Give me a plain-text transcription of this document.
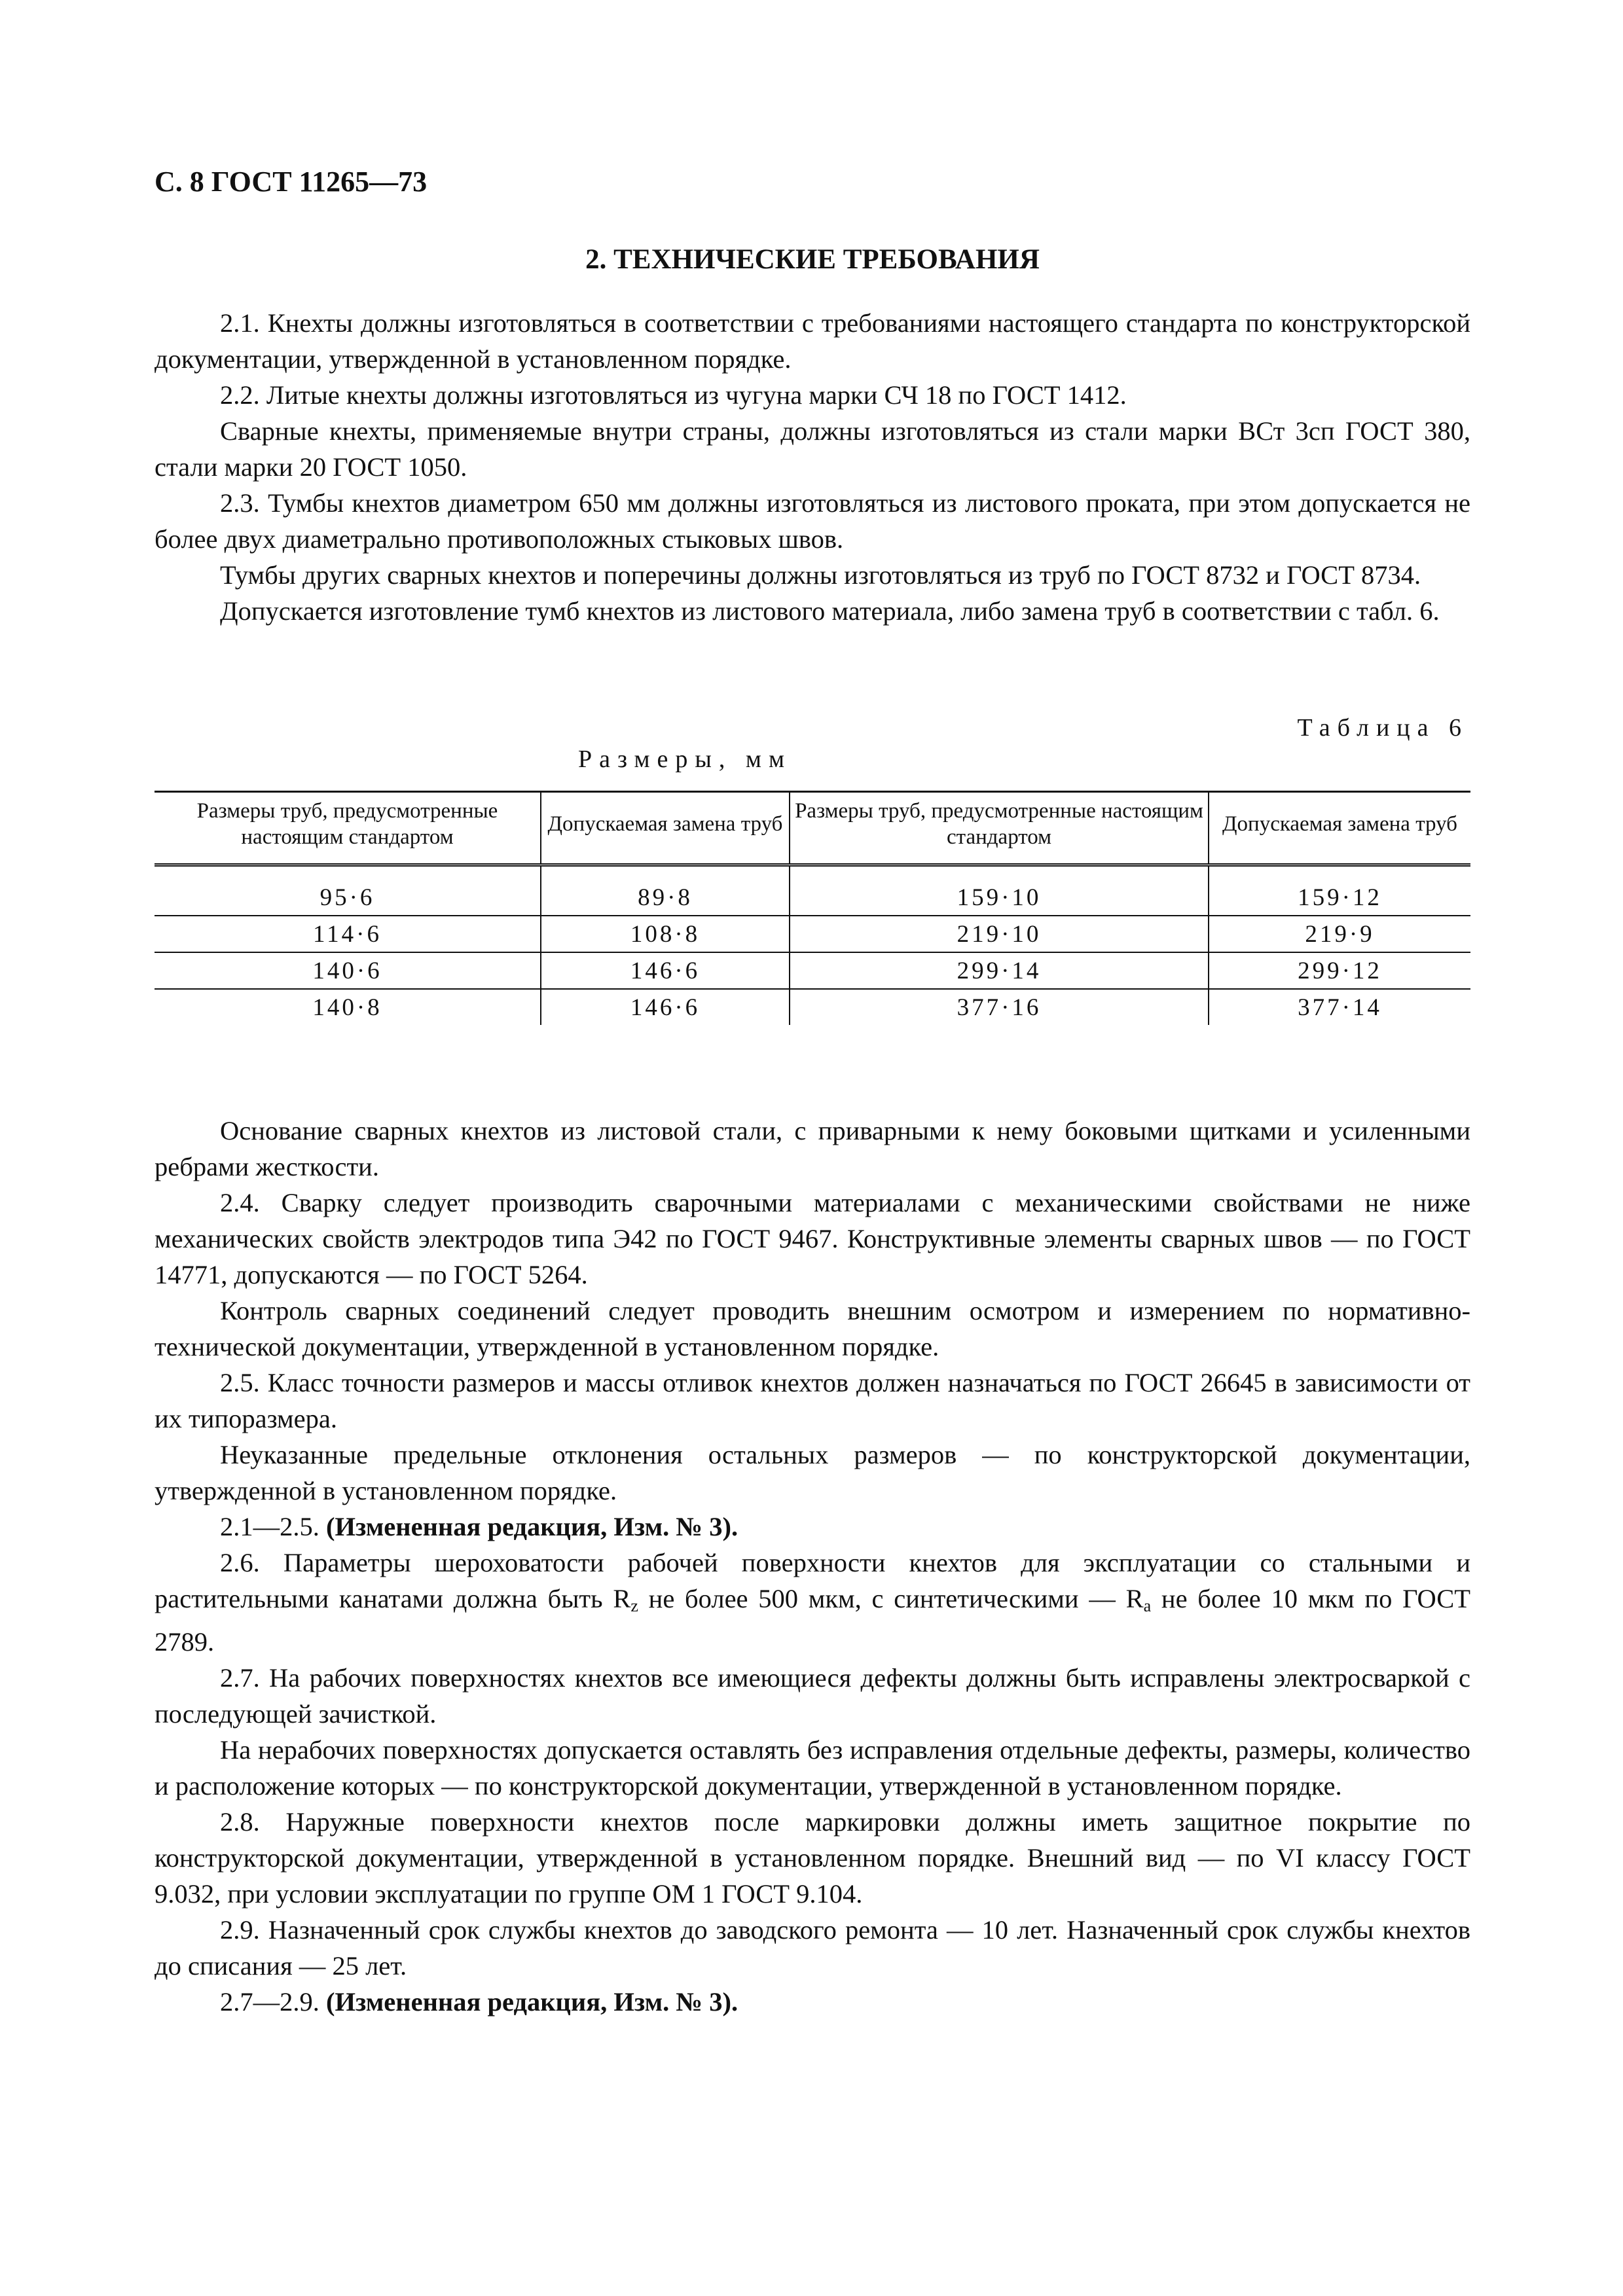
С. 8 ГОСТ 11265—73
2. ТЕХНИЧЕСКИЕ ТРЕБОВАНИЯ

2.1. Кнехты должны изготовляться в соответствии с требованиями настоящего стандарта по конструкторской документации, утвержденной в установленном порядке.

2.2. Литые кнехты должны изготовляться из чугуна марки СЧ 18 по ГОСТ 1412.

Сварные кнехты, применяемые внутри страны, должны изготовляться из стали марки ВСт 3сп ГОСТ 380, стали марки 20 ГОСТ 1050.

2.3. Тумбы кнехтов диаметром 650 мм должны изготовляться из листового проката, при этом допускается не более двух диаметрально противоположных стыковых швов.

Тумбы других сварных кнехтов и поперечины должны изготовляться из труб по ГОСТ 8732 и ГОСТ 8734.

Допускается изготовление тумб кнехтов из листового материала, либо замена труб в соответствии с табл. 6.

Таблица 6
Размеры, мм
Размеры труб, предусмотренные настоящим стандартом	Допускаемая замена труб	Размеры труб, предусмотренные настоящим стандартом	Допускаемая замена труб
95·6	89·8	159·10	159·12
114·6	108·8	219·10	219·9
140·6	146·6	299·14	299·12
140·8	146·6	377·16	377·14

Основание сварных кнехтов из листовой стали, с приварными к нему боковыми щитками и усиленными ребрами жесткости.

2.4. Сварку следует производить сварочными материалами с механическими свойствами не ниже механических свойств электродов типа Э42 по ГОСТ 9467. Конструктивные элементы сварных швов — по ГОСТ 14771, допускаются — по ГОСТ 5264.

Контроль сварных соединений следует проводить внешним осмотром и измерением по нормативно-технической документации, утвержденной в установленном порядке.

2.5. Класс точности размеров и массы отливок кнехтов должен назначаться по ГОСТ 26645 в зависимости от их типоразмера.

Неуказанные предельные отклонения остальных размеров — по конструкторской документации, утвержденной в установленном порядке.

2.1—2.5. (Измененная редакция, Изм. № 3).

2.6. Параметры шероховатости рабочей поверхности кнехтов для эксплуатации со стальными и растительными канатами должна быть $R_z$ не более 500 мкм, с синтетическими — $R_a$ не более 10 мкм по ГОСТ 2789.

2.7. На рабочих поверхностях кнехтов все имеющиеся дефекты должны быть исправлены электросваркой с последующей зачисткой.

На нерабочих поверхностях допускается оставлять без исправления отдельные дефекты, размеры, количество и расположение которых — по конструкторской документации, утвержденной в установленном порядке.

2.8. Наружные поверхности кнехтов после маркировки должны иметь защитное покрытие по конструкторской документации, утвержденной в установленном порядке. Внешний вид — по VI классу ГОСТ 9.032, при условии эксплуатации по группе ОМ 1 ГОСТ 9.104.

2.9. Назначенный срок службы кнехтов до заводского ремонта — 10 лет. Назначенный срок службы кнехтов до списания — 25 лет.

2.7—2.9. (Измененная редакция, Изм. № 3).
